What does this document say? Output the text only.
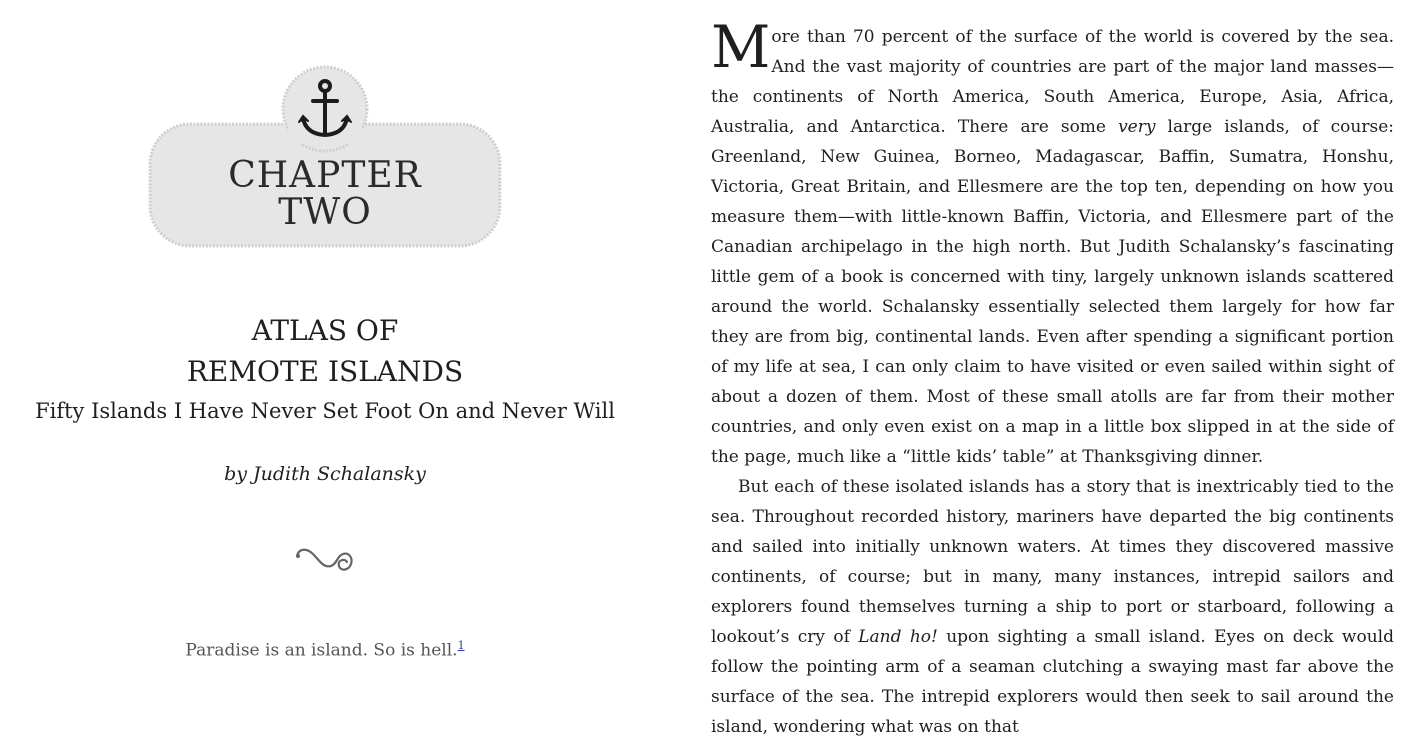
CHAPTER
TWO
ATLAS OF
REMOTE ISLANDS
Fifty Islands I Have Never Set Foot On and Never Will
by Judith Schalansky
Paradise is an island. So is hell.$^1$

More than 70 percent of the surface of the world is covered by the sea. And the vast majority of countries are part of the major land masses—the continents of North America, South America, Europe, Asia, Africa, Australia, and Antarctica. There are some very large islands, of course: Greenland, New Guinea, Borneo, Madagascar, Baffin, Sumatra, Honshu, Victoria, Great Britain, and Ellesmere are the top ten, depending on how you measure them—with little-known Baffin, Victoria, and Ellesmere part of the Canadian archipelago in the high north. But Judith Schalansky’s fascinating little gem of a book is concerned with tiny, largely unknown islands scattered around the world. Schalansky essentially selected them largely for how far they are from big, continental lands. Even after spending a significant portion of my life at sea, I can only claim to have visited or even sailed within sight of about a dozen of them. Most of these small atolls are far from their mother countries, and only even exist on a map in a little box slipped in at the side of the page, much like a “little kids’ table” at Thanksgiving dinner.

But each of these isolated islands has a story that is inextricably tied to the sea. Throughout recorded history, mariners have departed the big continents and sailed into initially unknown waters. At times they discovered massive continents, of course; but in many, many instances, intrepid sailors and explorers found themselves turning a ship to port or starboard, following a lookout’s cry of Land ho! upon sighting a small island. Eyes on deck would follow the pointing arm of a seaman clutching a swaying mast far above the surface of the sea. The intrepid explorers would then seek to sail around the island, wondering what was on that
